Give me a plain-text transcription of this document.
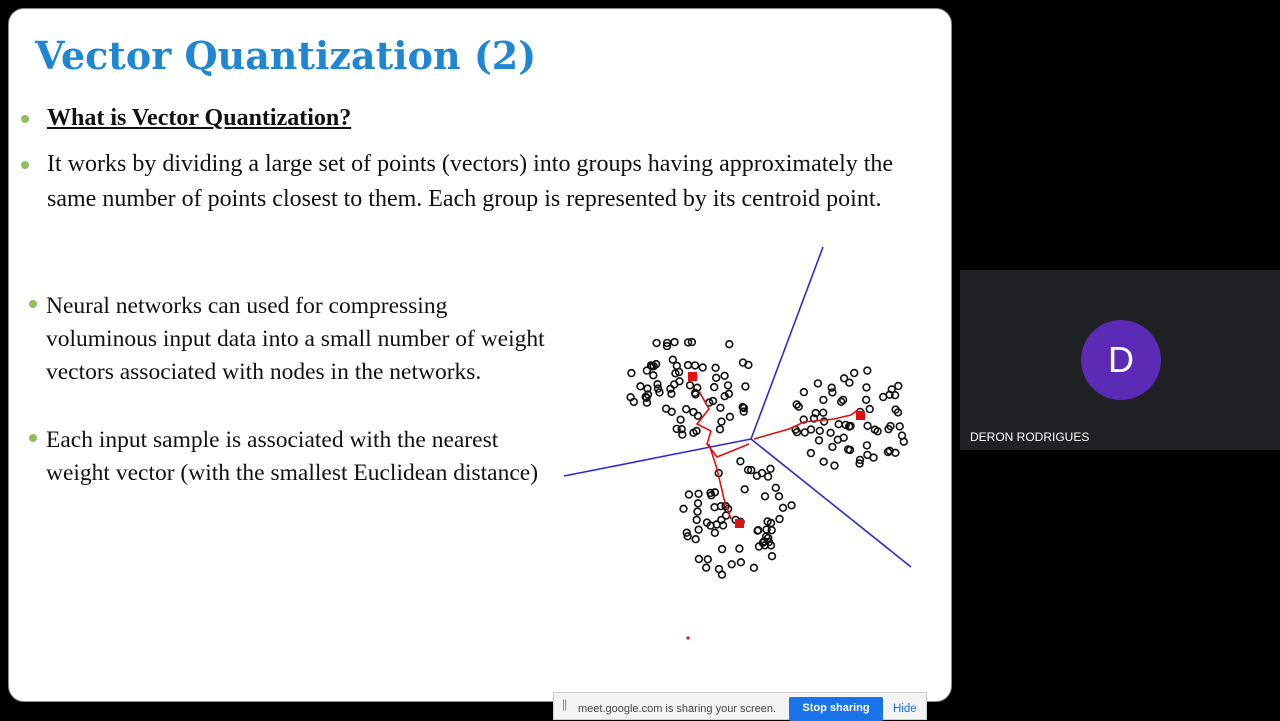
Vector Quantization (2)
What is Vector Quantization?
It works by dividing a large set of points (vectors) into groups having approximately the same number of points closest to them. Each group is represented by its centroid point.
Neural networks can used for compressing voluminous input data into a small number of weight vectors associated with nodes in the networks.
Each input sample is associated with the nearest weight vector (with the smallest Euclidean distance)
|| meet.google.com is sharing your screen.	Stop sharing	Hide
D
DERON RODRIGUES
